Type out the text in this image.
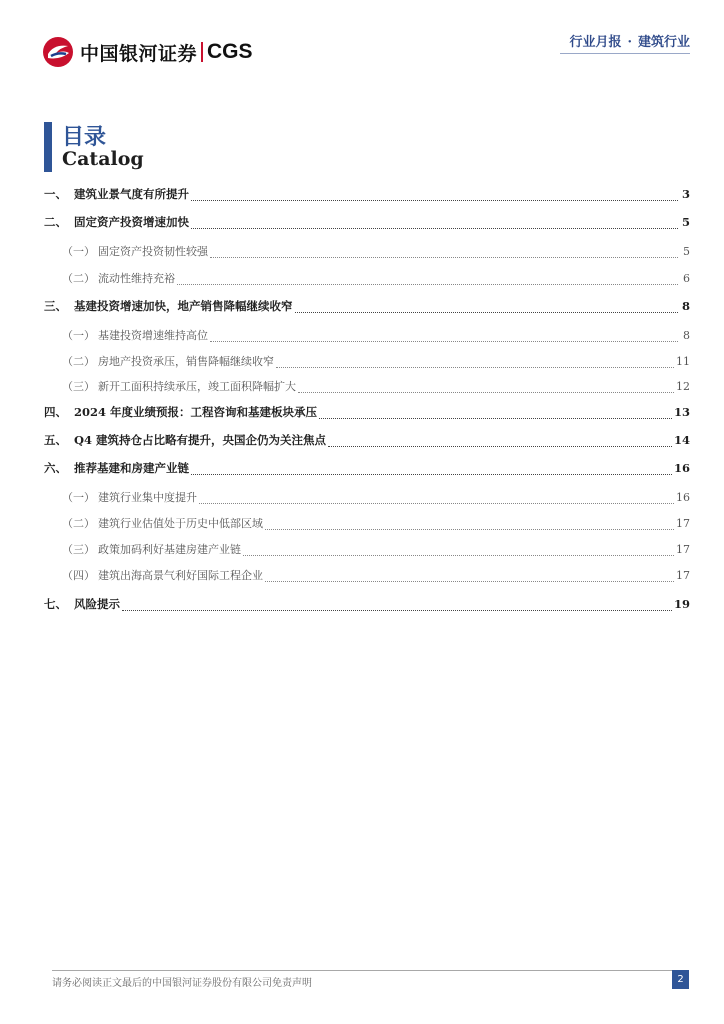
中国银河证券 CGS	行业月报 · 建筑行业
目录
Catalog
一、 建筑业景气度有所提升	3
二、 固定资产投资增速加快	5
（一） 固定资产投资韧性较强	5
（二） 流动性维持充裕	6
三、 基建投资增速加快，地产销售降幅继续收窄	8
（一） 基建投资增速维持高位	8
（二） 房地产投资承压，销售降幅继续收窄	11
（三） 新开工面积持续承压，竣工面积降幅扩大	12
四、 2024 年度业绩预报：工程咨询和基建板块承压	13
五、 Q4 建筑持仓占比略有提升，央国企仍为关注焦点	14
六、 推荐基建和房建产业链	16
（一） 建筑行业集中度提升	16
（二） 建筑行业估值处于历史中低部区域	17
（三） 政策加码利好基建房建产业链	17
（四） 建筑出海高景气利好国际工程企业	17
七、 风险提示	19
请务必阅读正文最后的中国银河证券股份有限公司免责声明	2
